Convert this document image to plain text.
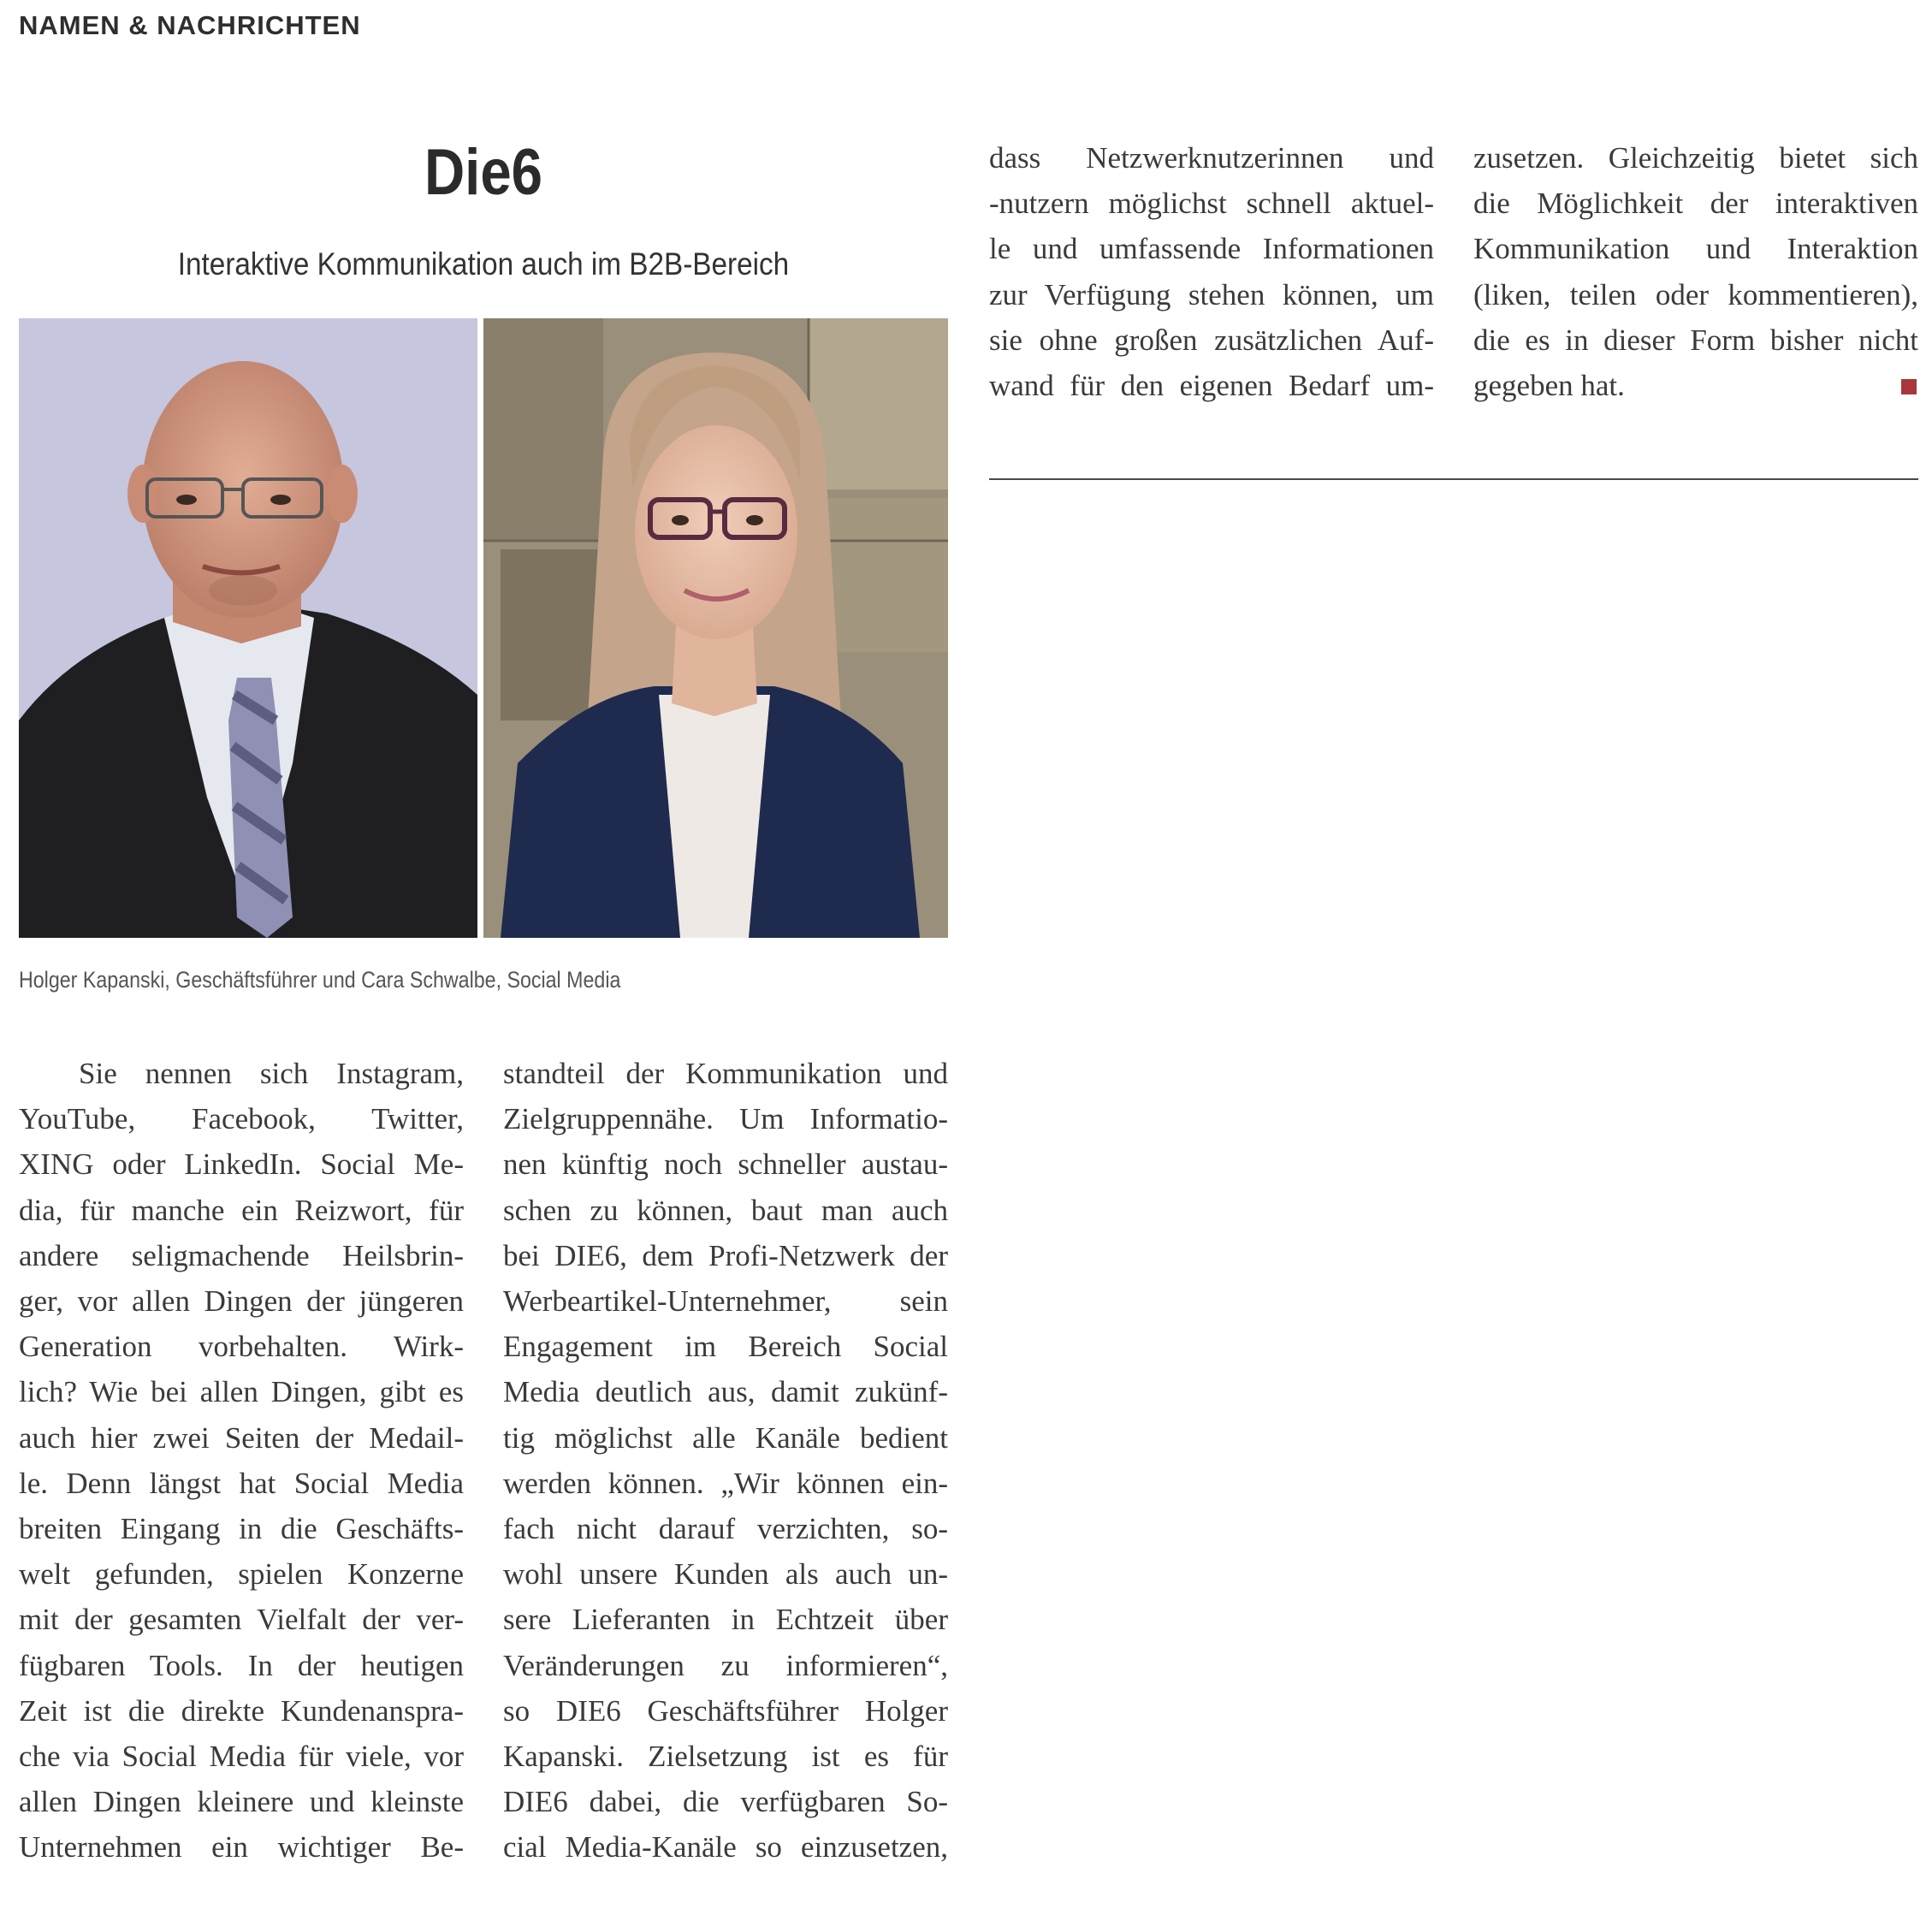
NAMEN & NACHRICHTEN
Die6
Interaktive Kommunikation auch im B2B-Bereich
Holger Kapanski, Geschäftsführer und Cara Schwalbe, Social Media
Sie nennen sich Instagram,
YouTube, Facebook, Twitter,
XING oder LinkedIn. Social Me-
dia, für manche ein Reizwort, für
andere seligmachende Heilsbrin-
ger, vor allen Dingen der jüngeren
Generation vorbehalten. Wirk-
lich? Wie bei allen Dingen, gibt es
auch hier zwei Seiten der Medail-
le. Denn längst hat Social Media
breiten Eingang in die Geschäfts-
welt gefunden, spielen Konzerne
mit der gesamten Vielfalt der ver-
fügbaren Tools. In der heutigen
Zeit ist die direkte Kundenanspra-
che via Social Media für viele, vor
allen Dingen kleinere und kleinste
Unternehmen ein wichtiger Be-
standteil der Kommunikation und
Zielgruppennähe. Um Informatio-
nen künftig noch schneller austau-
schen zu können, baut man auch
bei DIE6, dem Profi-Netzwerk der
Werbeartikel-Unternehmer, sein
Engagement im Bereich Social
Media deutlich aus, damit zukünf-
tig möglichst alle Kanäle bedient
werden können. „Wir können ein-
fach nicht darauf verzichten, so-
wohl unsere Kunden als auch un-
sere Lieferanten in Echtzeit über
Veränderungen zu informieren“,
so DIE6 Geschäftsführer Holger
Kapanski. Zielsetzung ist es für
DIE6 dabei, die verfügbaren So-
cial Media-Kanäle so einzusetzen,
dass Netzwerknutzerinnen und
-nutzern möglichst schnell aktuel-
le und umfassende Informationen
zur Verfügung stehen können, um
sie ohne großen zusätzlichen Auf-
wand für den eigenen Bedarf um-
zusetzen. Gleichzeitig bietet sich
die Möglichkeit der interaktiven
Kommunikation und Interaktion
(liken, teilen oder kommentieren),
die es in dieser Form bisher nicht
gegeben hat.
